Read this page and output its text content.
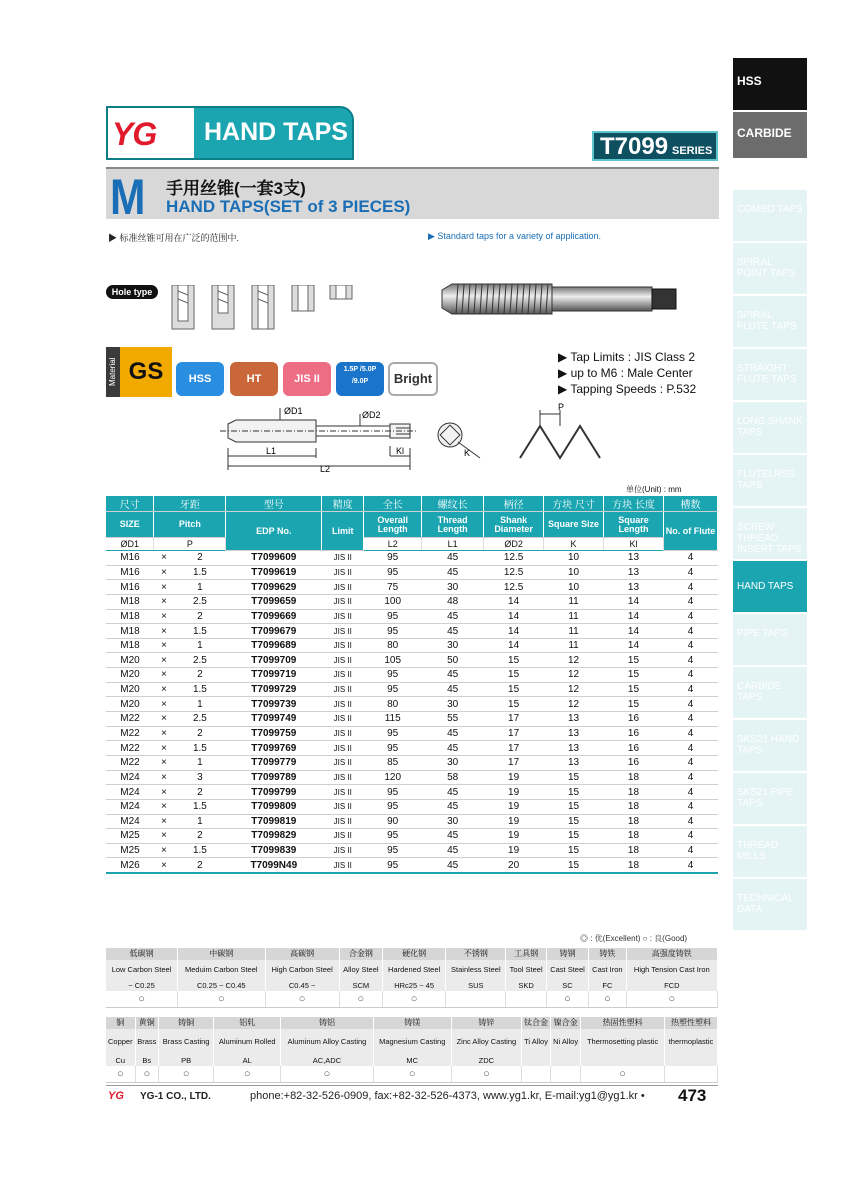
YG HAND TAPS
T7099 SERIES
M 手用丝锥(一套3支)
HAND TAPS(SET of 3 PIECES)
▶ 标准丝锥可用在广泛的范围中.	▶ Standard taps for a variety of application.
Hole type
Material GS	HSS	HT	JIS II
1.5P /5.0P /9.0P	Bright
▶ Tap Limits : JIS Class 2
▶ up to M6 : Male Center
▶ Tapping Speeds : P.532
ØD1	ØD2
L1
L2
Kl	K
P
单位(Unit) : mm
尺寸	牙距		型号	精度	全长	螺纹长	柄径	方块 尺寸	方块 长度	槽数
SIZE	Pitch		EDP No.	Limit	Overall Length	Thread Length	Shank Diameter	Square Size	Square Length	No. of Flute
ØD1	P				L2	L1	ØD2	K	Kl	
M16	×	2	T7099609	JIS II	95	45	12.5	10	13	4
M16	×	1.5	T7099619	JIS II	95	45	12.5	10	13	4
M16	×	1	T7099629	JIS II	75	30	12.5	10	13	4
M18	×	2.5	T7099659	JIS II	100	48	14	11	14	4
M18	×	2	T7099669	JIS II	95	45	14	11	14	4
M18	×	1.5	T7099679	JIS II	95	45	14	11	14	4
M18	×	1	T7099689	JIS II	80	30	14	11	14	4
M20	×	2.5	T7099709	JIS II	105	50	15	12	15	4
M20	×	2	T7099719	JIS II	95	45	15	12	15	4
M20	×	1.5	T7099729	JIS II	95	45	15	12	15	4
M20	×	1	T7099739	JIS II	80	30	15	12	15	4
M22	×	2.5	T7099749	JIS II	115	55	17	13	16	4
M22	×	2	T7099759	JIS II	95	45	17	13	16	4
M22	×	1.5	T7099769	JIS II	95	45	17	13	16	4
M22	×	1	T7099779	JIS II	85	30	17	13	16	4
M24	×	3	T7099789	JIS II	120	58	19	15	18	4
M24	×	2	T7099799	JIS II	95	45	19	15	18	4
M24	×	1.5	T7099809	JIS II	95	45	19	15	18	4
M24	×	1	T7099819	JIS II	90	30	19	15	18	4
M25	×	2	T7099829	JIS II	95	45	19	15	18	4
M25	×	1.5	T7099839	JIS II	95	45	19	15	18	4
M26	×	2	T7099N49	JIS II	95	45	20	15	18	4
◎ : 优(Excellent) ○ : 良(Good)
低碳钢	中碳钢	高碳钢	合金钢	硬化钢	不锈钢	工具钢	铸钢	铸铁	高强度铸铁
Low Carbon Steel	Meduim Carbon Steel	High Carbon Steel	Alloy Steel	Hardened Steel	Stainless Steel	Tool Steel	Cast Steel	Cast Iron	High Tension Cast Iron
~ C0.25	C0.25 ~ C0.45	C0.45 ~	SCM	HRc25 ~ 45	SUS	SKD	SC	FC	FCD
○	○	○	○	○			○	○	○
铜	黄铜	铸铜	铝轧	铸铝	铸镁	铸锌	钛合金	镍合金	热固性塑料	热塑性塑料
Copper	Brass	Brass Casting	Aluminum Rolled	Aluminum Alloy Casting	Magnesium Casting	Zinc Alloy Casting	Ti Alloy	Ni Alloy	Thermosetting plastic	thermoplastic
Cu	Bs	PB	AL	AC,ADC	MC	ZDC				
○	○	○	○	○	○	○			○	
YG YG-1 CO., LTD.	phone:+82-32-526-0909, fax:+82-32-526-4373, www.yg1.kr, E-mail:yg1@yg1.kr • 473
HSS
CARBIDE
COMBO TAPS
SPIRAL POINT TAPS
SPIRAL FLUTE TAPS
STRAIGHT FLUTE TAPS
LONG SHANK TAPS
FLUTELRSS TAPS
SCREW THREAD INSERT TAPS
HAND TAPS
PIPE TAPS
CARBIDE TAPS
SKS21 HAND TAPS
SKS21 PIPE TAPS
THREAD MILLS
TECHNICAL DATA
